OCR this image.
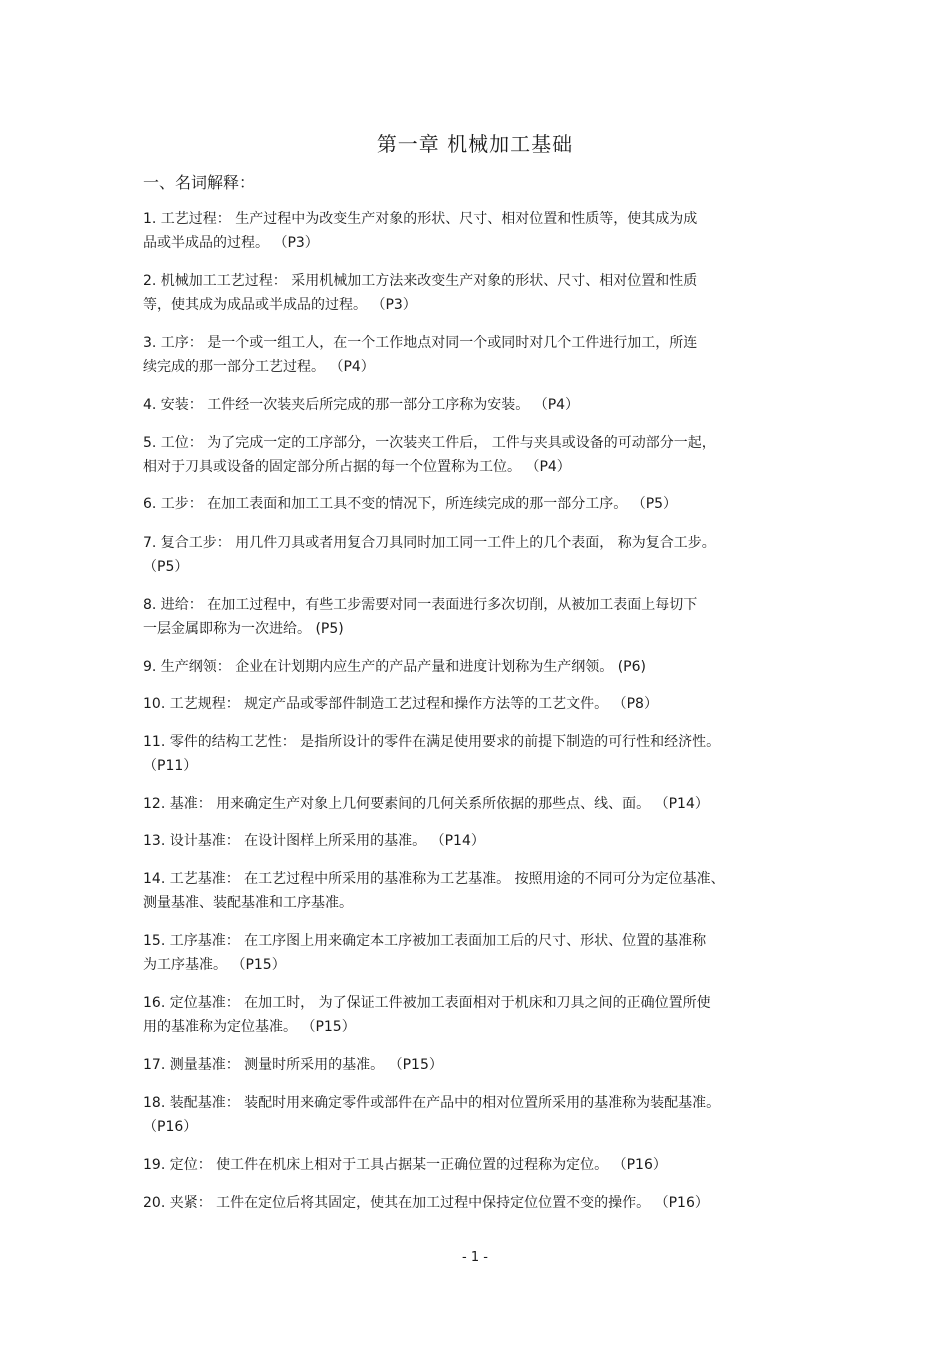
第一章 机械加工基础
一、名词解释：
1. 工艺过程： 生产过程中为改变生产对象的形状、尺寸、相对位置和性质等，使其成为成
品或半成品的过程。 （P3）
2. 机械加工工艺过程： 采用机械加工方法来改变生产对象的形状、尺寸、相对位置和性质
等，使其成为成品或半成品的过程。 （P3）
3. 工序： 是一个或一组工人，在一个工作地点对同一个或同时对几个工件进行加工，所连
续完成的那一部分工艺过程。 （P4）
4. 安装： 工件经一次装夹后所完成的那一部分工序称为安装。 （P4）
5. 工位： 为了完成一定的工序部分，一次装夹工件后， 工件与夹具或设备的可动部分一起，
相对于刀具或设备的固定部分所占据的每一个位置称为工位。 （P4）
6. 工步： 在加工表面和加工工具不变的情况下，所连续完成的那一部分工序。 （P5）
7. 复合工步： 用几件刀具或者用复合刀具同时加工同一工件上的几个表面， 称为复合工步。
（P5）
8. 进给： 在加工过程中，有些工步需要对同一表面进行多次切削，从被加工表面上每切下
一层金属即称为一次进给。 (P5)
9. 生产纲领： 企业在计划期内应生产的产品产量和进度计划称为生产纲领。 (P6)
10. 工艺规程： 规定产品或零部件制造工艺过程和操作方法等的工艺文件。 （P8）
11. 零件的结构工艺性： 是指所设计的零件在满足使用要求的前提下制造的可行性和经济性。
（P11）
12. 基准： 用来确定生产对象上几何要素间的几何关系所依据的那些点、线、面。 （P14）
13. 设计基准： 在设计图样上所采用的基准。 （P14）
14. 工艺基准： 在工艺过程中所采用的基准称为工艺基准。 按照用途的不同可分为定位基准、
测量基准、装配基准和工序基准。
15. 工序基准： 在工序图上用来确定本工序被加工表面加工后的尺寸、形状、位置的基准称
为工序基准。 （P15）
16. 定位基准： 在加工时， 为了保证工件被加工表面相对于机床和刀具之间的正确位置所使
用的基准称为定位基准。 （P15）
17. 测量基准： 测量时所采用的基准。 （P15）
18. 装配基准： 装配时用来确定零件或部件在产品中的相对位置所采用的基准称为装配基准。
（P16）
19. 定位： 使工件在机床上相对于工具占据某一正确位置的过程称为定位。 （P16）
20. 夹紧： 工件在定位后将其固定，使其在加工过程中保持定位位置不变的操作。 （P16）
- 1 -
